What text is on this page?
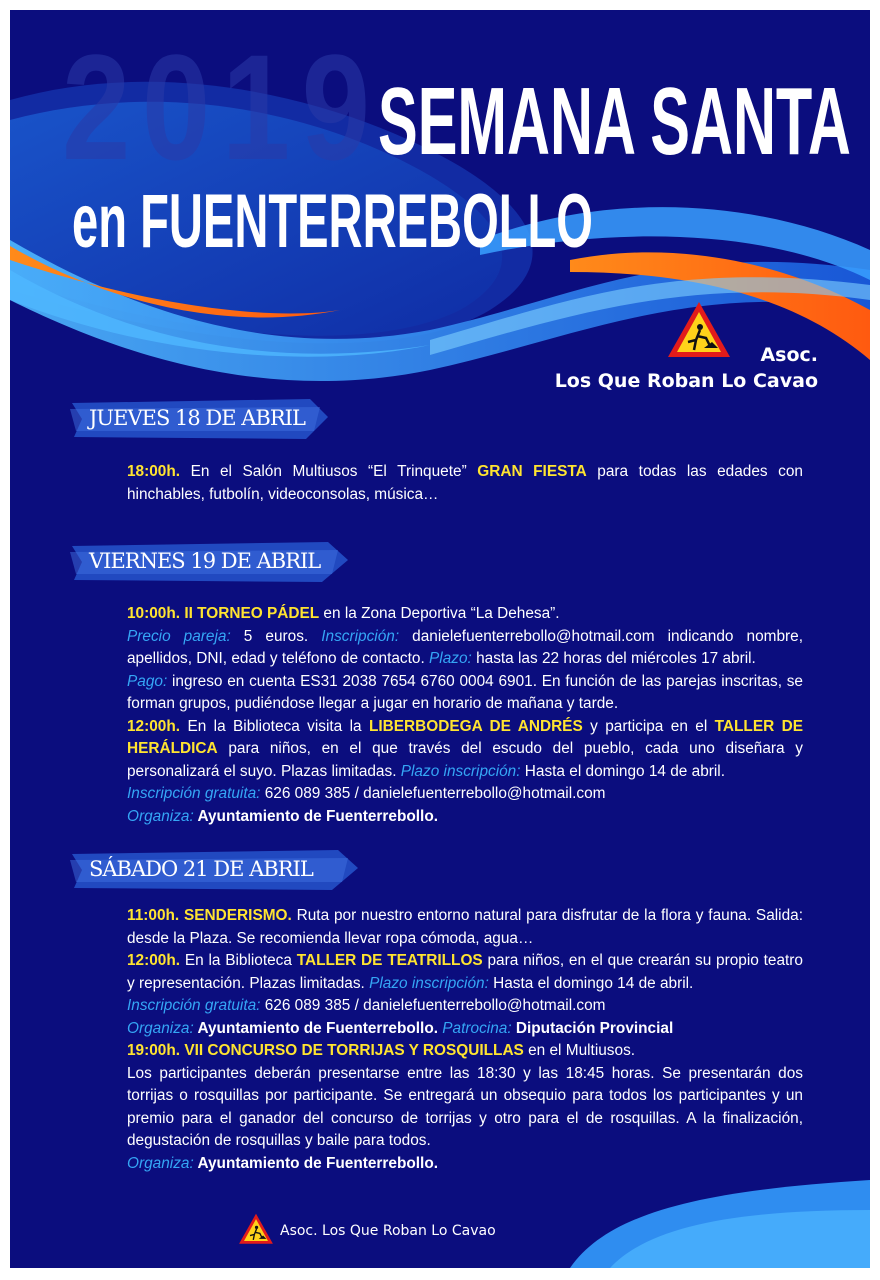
2019
SEMANA SANTA
en FUENTERREBOLLO
Asoc.
Los Que Roban Lo Cavao
JUEVES 18 DE ABRIL

18:00h. En el Salón Multiusos “El Trinquete” GRAN FIESTA para todas las edades con hinchables, futbolín, videoconsolas, música…

VIERNES 19 DE ABRIL

10:00h. II TORNEO PÁDEL en la Zona Deportiva “La Dehesa”.

Precio pareja: 5 euros. Inscripción: danielefuenterrebollo@hotmail.com indicando nombre, apellidos, DNI, edad y teléfono de contacto. Plazo: hasta las 22 horas del miércoles 17 abril.

Pago: ingreso en cuenta ES31 2038 7654 6760 0004 6901. En función de las parejas inscritas, se forman grupos, pudiéndose llegar a jugar en horario de mañana y tarde.

12:00h. En la Biblioteca visita la LIBERBODEGA DE ANDRÉS y participa en el TALLER DE HERÁLDICA para niños, en el que través del escudo del pueblo, cada uno diseñara y personalizará el suyo. Plazas limitadas. Plazo inscripción: Hasta el domingo 14 de abril.

Inscripción gratuita: 626 089 385 / danielefuenterrebollo@hotmail.com

Organiza: Ayuntamiento de Fuenterrebollo.

SÁBADO 21 DE ABRIL

11:00h. SENDERISMO. Ruta por nuestro entorno natural para disfrutar de la flora y fauna. Salida: desde la Plaza. Se recomienda llevar ropa cómoda, agua…

12:00h. En la Biblioteca TALLER DE TEATRILLOS para niños, en el que crearán su propio teatro y representación. Plazas limitadas. Plazo inscripción: Hasta el domingo 14 de abril.

Inscripción gratuita: 626 089 385 / danielefuenterrebollo@hotmail.com

Organiza: Ayuntamiento de Fuenterrebollo. Patrocina: Diputación Provincial

19:00h. VII CONCURSO DE TORRIJAS Y ROSQUILLAS en el Multiusos.

Los participantes deberán presentarse entre las 18:30 y las 18:45 horas. Se presentarán dos torrijas o rosquillas por participante. Se entregará un obsequio para todos los participantes y un premio para el ganador del concurso de torrijas y otro para el de rosquillas. A la finalización, degustación de rosquillas y baile para todos.

Organiza: Ayuntamiento de Fuenterrebollo.

Asoc. Los Que Roban Lo Cavao
